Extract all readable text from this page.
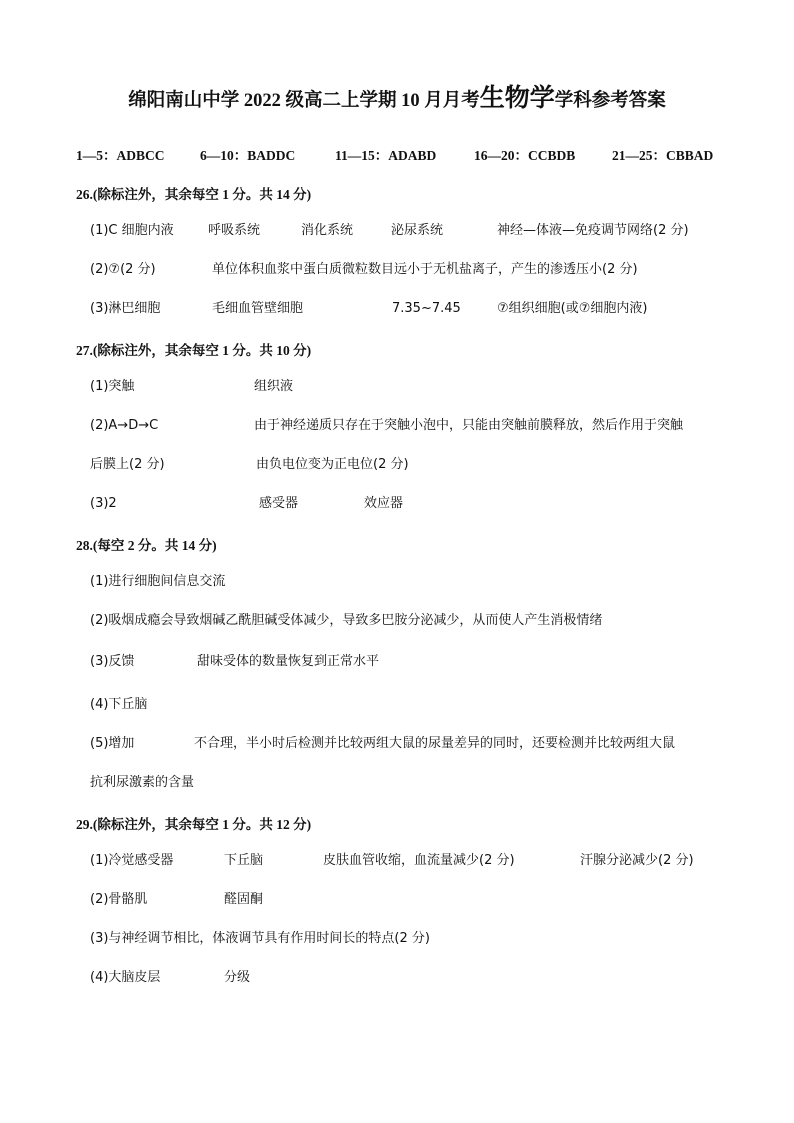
绵阳南山中学 2022 级高二上学期 10 月月考生物学学科参考答案
1—5：ADBCC	6—10：BADDC	11—15：ADABD	16—20：CCBDB	21—25：CBBAD
26.(除标注外，其余每空 1 分。共 14 分)
(1)C 细胞内液	呼吸系统	消化系统	泌尿系统	神经—体液—免疫调节网络(2 分)
(2)⑦(2 分)	单位体积血浆中蛋白质微粒数目远小于无机盐离子，产生的渗透压小(2 分)
(3)淋巴细胞	毛细血管壁细胞	7.35~7.45	⑦组织细胞(或⑦细胞内液)
27.(除标注外，其余每空 1 分。共 10 分)
(1)突触	组织液
(2)A→D→C	由于神经递质只存在于突触小泡中，只能由突触前膜释放，然后作用于突触
后膜上(2 分)	由负电位变为正电位(2 分)
(3)2	感受器	效应器
28.(每空 2 分。共 14 分)
(1)进行细胞间信息交流
(2)吸烟成瘾会导致烟碱乙酰胆碱受体减少，导致多巴胺分泌减少，从而使人产生消极情绪
(3)反馈	甜味受体的数量恢复到正常水平
(4)下丘脑
(5)增加	不合理，半小时后检测并比较两组大鼠的尿量差异的同时，还要检测并比较两组大鼠
抗利尿激素的含量
29.(除标注外，其余每空 1 分。共 12 分)
(1)冷觉感受器	下丘脑	皮肤血管收缩，血流量减少(2 分)	汗腺分泌减少(2 分)
(2)骨骼肌	醛固酮
(3)与神经调节相比，体液调节具有作用时间长的特点(2 分)
(4)大脑皮层	分级
